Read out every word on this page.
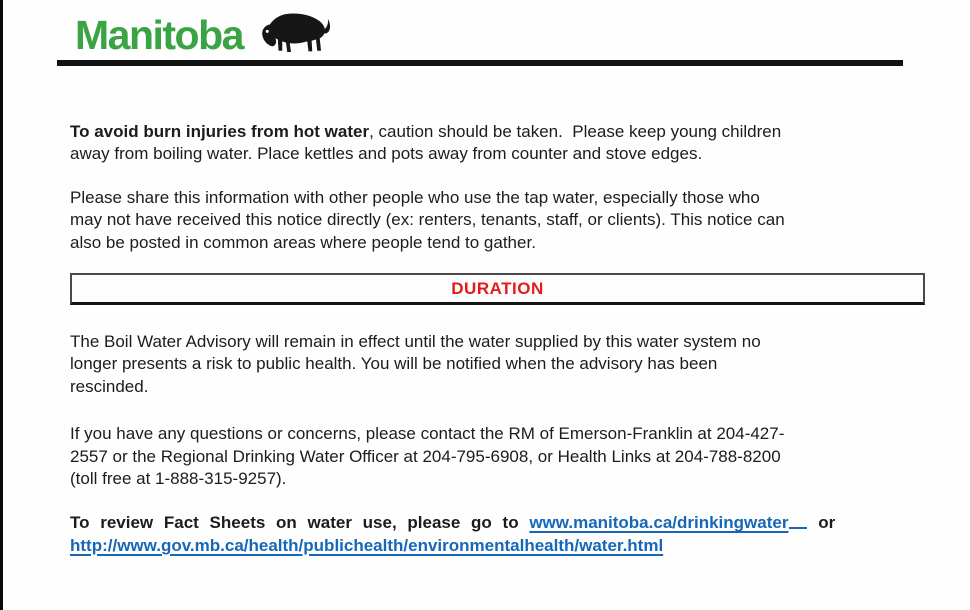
Manitoba

To avoid burn injuries from hot water, caution should be taken.  Please keep young children
away from boiling water. Place kettles and pots away from counter and stove edges.

Please share this information with other people who use the tap water, especially those who
may not have received this notice directly (ex: renters, tenants, staff, or clients). This notice can
also be posted in common areas where people tend to gather.

DURATION

The Boil Water Advisory will remain in effect until the water supplied by this water system no
longer presents a risk to public health. You will be notified when the advisory has been
rescinded.

If you have any questions or concerns, please contact the RM of Emerson-Franklin at 204-427-
2557 or the Regional Drinking Water Officer at 204-795-6908, or Health Links at 204-788-8200
(toll free at 1-888-315-9257).

To review Fact Sheets on water use, please go to www.manitoba.ca/drinkingwater or
http://www.gov.mb.ca/health/publichealth/environmentalhealth/water.html
